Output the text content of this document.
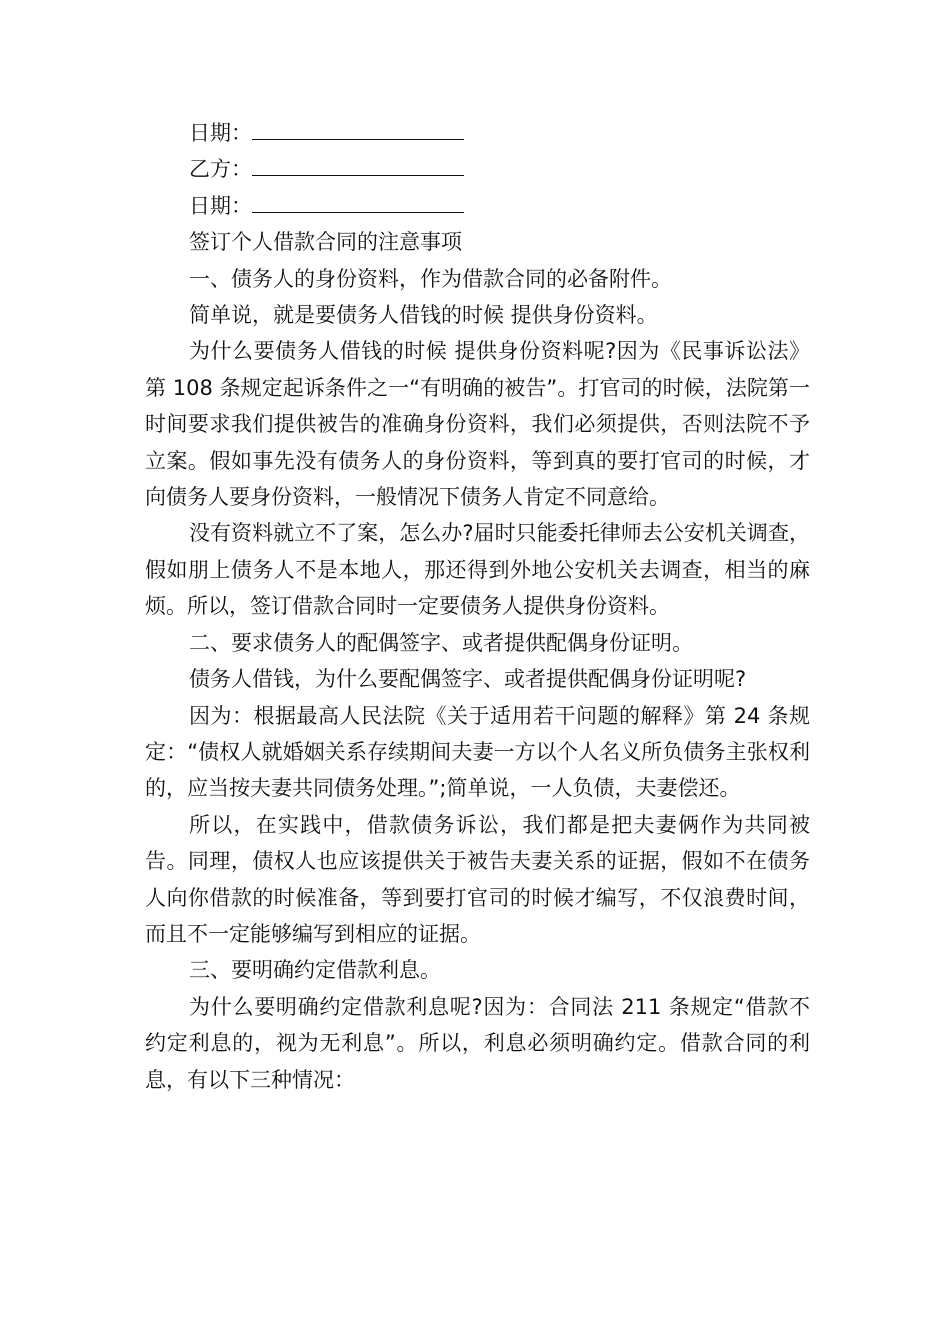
日期：

乙方：

日期：

签订个人借款合同的注意事项

一、债务人的身份资料，作为借款合同的必备附件。

简单说，就是要债务人借钱的时候 提供身份资料。

为什么要债务人借钱的时候 提供身份资料呢?因为《民事诉讼法》第 108 条规定起诉条件之一“有明确的被告”。打官司的时候，法院第一时间要求我们提供被告的准确身份资料，我们必须提供，否则法院不予立案。假如事先没有债务人的身份资料，等到真的要打官司的时候，才向债务人要身份资料，一般情况下债务人肯定不同意给。

没有资料就立不了案，怎么办?届时只能委托律师去公安机关调查，假如朋上债务人不是本地人，那还得到外地公安机关去调查，相当的麻烦。所以，签订借款合同时一定要债务人提供身份资料。

二、要求债务人的配偶签字、或者提供配偶身份证明。

债务人借钱，为什么要配偶签字、或者提供配偶身份证明呢?

因为：根据最高人民法院《关于适用若干问题的解释》第 24 条规定：“债权人就婚姻关系存续期间夫妻一方以个人名义所负债务主张权利的，应当按夫妻共同债务处理。”;简单说，一人负债，夫妻偿还。

所以，在实践中，借款债务诉讼，我们都是把夫妻俩作为共同被告。同理，债权人也应该提供关于被告夫妻关系的证据，假如不在债务人向你借款的时候准备，等到要打官司的时候才编写，不仅浪费时间，而且不一定能够编写到相应的证据。

三、要明确约定借款利息。

为什么要明确约定借款利息呢?因为：合同法 211 条规定“借款不约定利息的，视为无利息”。所以，利息必须明确约定。借款合同的利息，有以下三种情况：
